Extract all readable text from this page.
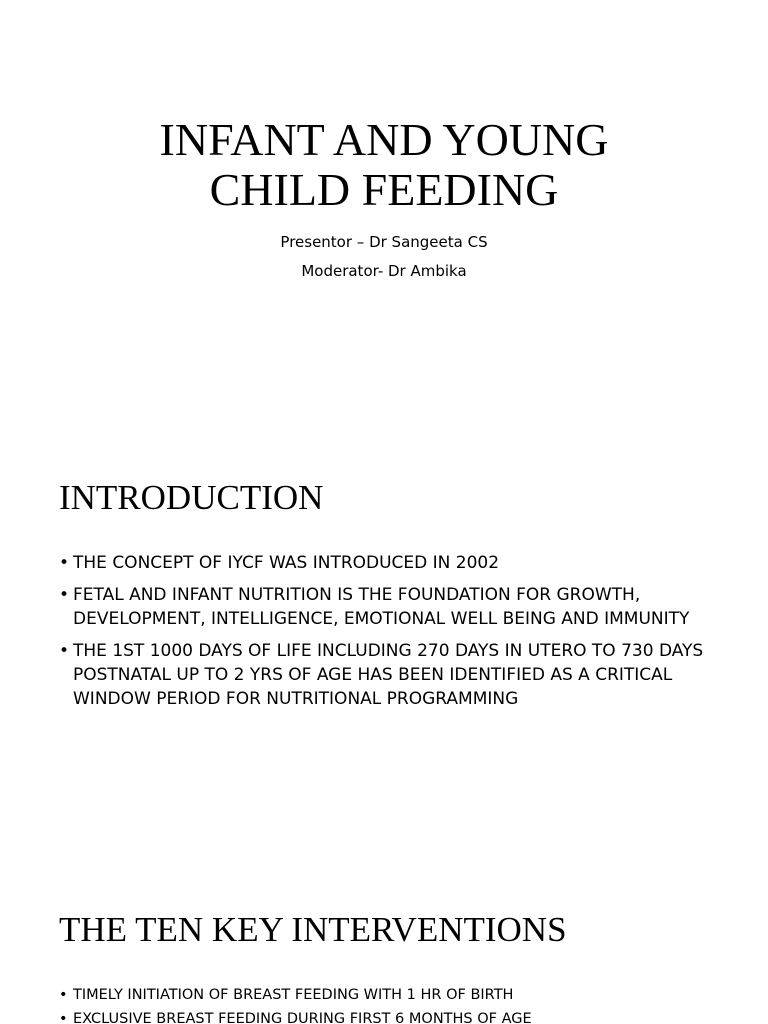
INFANT AND YOUNG
CHILD FEEDING
Presentor – Dr Sangeeta CS
Moderator- Dr Ambika
INTRODUCTION
• THE CONCEPT OF IYCF WAS INTRODUCED IN 2002
• FETAL AND INFANT NUTRITION IS THE FOUNDATION FOR GROWTH, DEVELOPMENT, INTELLIGENCE, EMOTIONAL WELL BEING AND IMMUNITY
• THE 1ST 1000 DAYS OF LIFE INCLUDING 270 DAYS IN UTERO TO 730 DAYS POSTNATAL UP TO 2 YRS OF AGE HAS BEEN IDENTIFIED AS A CRITICAL WINDOW PERIOD FOR NUTRITIONAL PROGRAMMING
THE TEN KEY INTERVENTIONS
• TIMELY INITIATION OF BREAST FEEDING WITH 1 HR OF BIRTH
• EXCLUSIVE BREAST FEEDING DURING FIRST 6 MONTHS OF AGE
